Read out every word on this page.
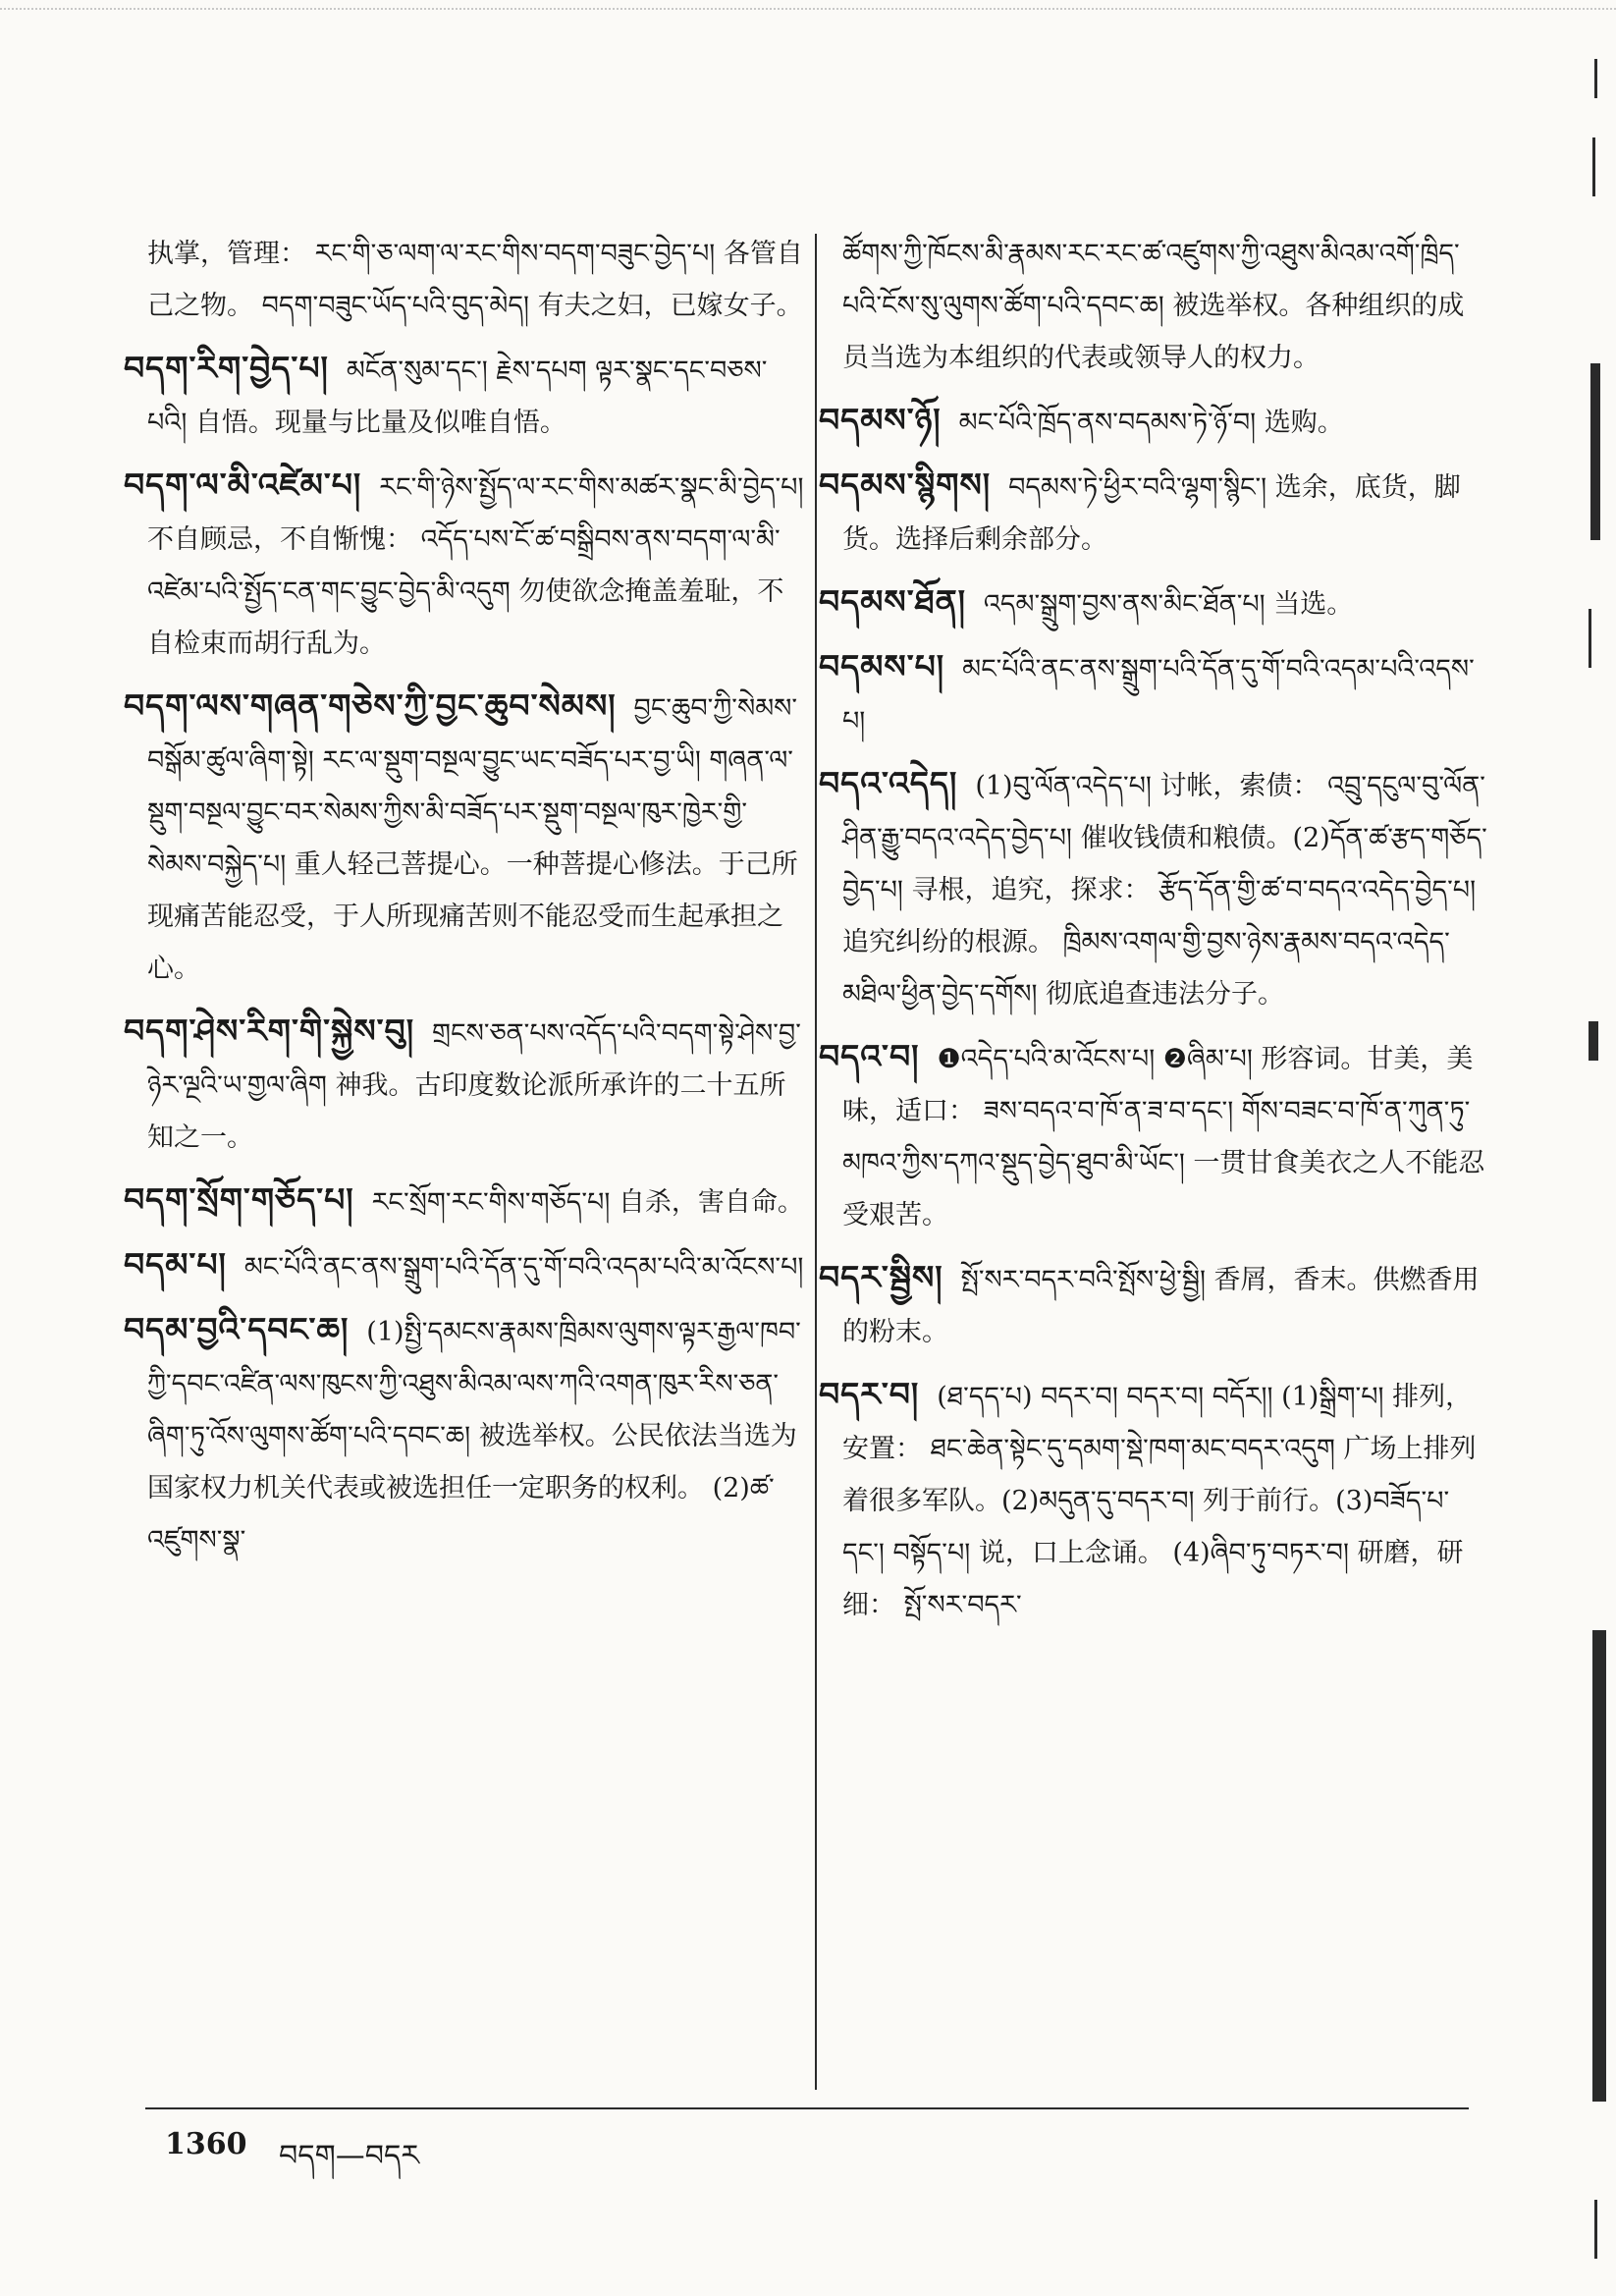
执掌，管理： རང་གི་ཅ་ལག་ལ་རང་གིས་བདག་བཟུང་བྱེད་པ། 各管自己之物。 བདག་བཟུང་ཡོད་པའི་བུད་མེད། 有夫之妇，已嫁女子。

བདག་རིག་བྱེད་པ། མངོན་སུམ་དང་། རྗེས་དཔག ལྟར་སྣང་དང་བཅས་པའི། 自悟。现量与比量及似唯自悟。

བདག་ལ་མི་འཛེམ་པ། རང་གི་ཉེས་སྤྱོད་ལ་རང་གིས་མཚར་སྣང་མི་བྱེད་པ། 不自顾忌，不自惭愧： འདོད་པས་ངོ་ཚ་བསྒྲིབས་ནས་བདག་ལ་མི་འཛེམ་པའི་སྤྱོད་ངན་གང་བྱུང་བྱེད་མི་འདུག 勿使欲念掩盖羞耻，不自检束而胡行乱为。

བདག་ལས་གཞན་གཅེས་ཀྱི་བྱང་ཆུབ་སེམས། བྱང་ཆུབ་ཀྱི་སེམས་བསྒོམ་ཚུལ་ཞིག་སྟེ། རང་ལ་སྡུག་བསྔལ་བྱུང་ཡང་བཟོད་པར་བྱ་ཡི། གཞན་ལ་སྡུག་བསྔལ་བྱུང་བར་སེམས་ཀྱིས་མི་བཟོད་པར་སྡུག་བསྔལ་ཁུར་ཁྱེར་གྱི་སེམས་བསྐྱེད་པ། 重人轻己菩提心。一种菩提心修法。于己所现痛苦能忍受，于人所现痛苦则不能忍受而生起承担之心。

བདག་ཤེས་རིག་གི་སྐྱེས་བུ། གྲངས་ཅན་པས་འདོད་པའི་བདག་སྟེ་ཤེས་བྱ་ཉེར་ལྔའི་ཡ་གྱལ་ཞིག 神我。古印度数论派所承许的二十五所知之一。

བདག་སྲོག་གཅོད་པ། རང་སྲོག་རང་གིས་གཅོད་པ། 自杀，害自命。

བདམ་པ། མང་པོའི་ནང་ནས་སྒྲུག་པའི་དོན་དུ་གོ་བའི་འདམ་པའི་མ་འོངས་པ།

བདམ་བྱའི་དབང་ཆ། (1)སྤྱི་དམངས་རྣམས་ཁྲིམས་ལུགས་ལྟར་རྒྱལ་ཁབ་ཀྱི་དབང་འཛིན་ལས་ཁུངས་ཀྱི་འཐུས་མིའམ་ལས་ཀའི་འགན་ཁུར་རིས་ཅན་ཞིག་ཏུ་འོས་ལུགས་ཚོག་པའི་དབང་ཆ། 被选举权。公民依法当选为国家权力机关代表或被选担任一定职务的权利。 (2)ཚ་འཛུགས་སྣ་

ཚོགས་ཀྱི་ཁོངས་མི་རྣམས་རང་རང་ཚ་འཛུགས་ཀྱི་འཐུས་མིའམ་འགོ་ཁྲིད་པའི་ངོས་སུ་ལུགས་ཚོག་པའི་དབང་ཆ། 被选举权。各种组织的成员当选为本组织的代表或领导人的权力。

བདམས་ཉོ། མང་པོའི་ཁྲོད་ནས་བདམས་ཏེ་ཉོ་བ། 选购。

བདམས་སྙིགས། བདམས་ཏེ་ཕྱིར་བའི་ལྷག་སྙིང་། 选余，底货，脚货。选择后剩余部分。

བདམས་ཐོན། འདམ་སྒྲུག་བྱས་ནས་མིང་ཐོན་པ། 当选。

བདམས་པ། མང་པོའི་ནང་ནས་སྒྲུག་པའི་དོན་དུ་གོ་བའི་འདམ་པའི་འདས་པ།

བདའ་འདེད། (1)བུ་ལོན་འདེད་པ། 讨帐，索债： འབྲུ་དངུལ་བུ་ལོན་ཤིན་རྒྱུ་བདའ་འདེད་བྱེད་པ། 催收钱债和粮债。(2)དོན་ཚ་རྩད་གཅོད་བྱེད་པ། 寻根，追究，探求： རྩོད་དོན་གྱི་ཚ་བ་བདའ་འདེད་བྱེད་པ། 追究纠纷的根源。 ཁྲིམས་འགལ་གྱི་བྱས་ཉེས་རྣམས་བདའ་འདེད་མཐིལ་ཕྱིན་བྱེད་དགོས། 彻底追查违法分子。

བདའ་བ། ❶འདེད་པའི་མ་འོངས་པ། ❷ཞིམ་པ། 形容词。甘美，美味，适口： ཟས་བདའ་བ་ཁོ་ན་ཟ་བ་དང་། གོས་བཟང་བ་ཁོ་ན་ཀུན་ཏུ་མཁའ་ཀྱིས་དཀའ་སྡུད་བྱེད་ཐུབ་མི་ཡོང་། 一贯甘食美衣之人不能忍受艰苦。

བདར་སྦྱིས། སྤོ་སར་བདར་བའི་སྤོས་ཕྱེ་སྦྱི། 香屑，香末。供燃香用的粉末。

བདར་བ། (ཐ་དད་པ) བདར་བ། བདར་བ། བདོར།། (1)སྒྲིག་པ། 排列，安置： ཐང་ཆེན་སྟེང་དུ་དམག་སྡེ་ཁག་མང་བདར་འདུག 广场上排列着很多军队。(2)མདུན་དུ་བདར་བ། 列于前行。(3)བཟོད་པ་དང་། བསྟོད་པ། 说，口上念诵。 (4)ཞིབ་ཏུ་བཏར་བ། 研磨，研细： སྤོ་སར་བདར་

1360 བདག—བདར
